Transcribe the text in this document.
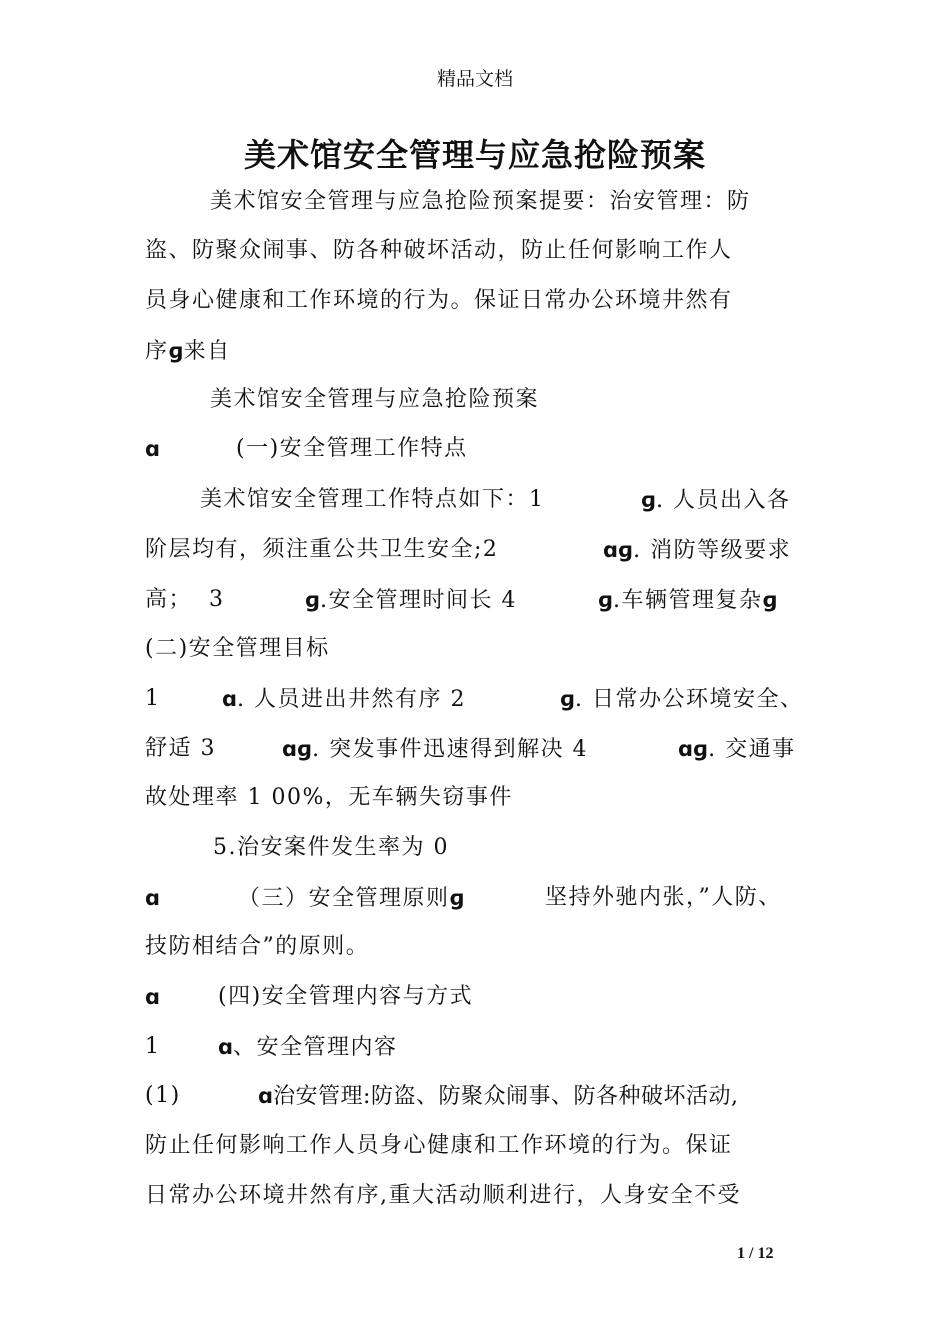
精品文档
美术馆安全管理与应急抢险预案
美术馆安全管理与应急抢险预案提要：治安管理：防
盗、防聚众闹事、防各种破坏活动，防止任何影响工作人
员身心健康和工作环境的行为。保证日常办公环境井然有
序ɡ来自
美术馆安全管理与应急抢险预案
ɑ	(一)安全管理工作特点
美术馆安全管理工作特点如下：1	ɡ. 人员出入各
阶层均有，须注重公共卫生安全;2	ɑɡ. 消防等级要求
高；  3	ɡ.安全管理时间长 4	ɡ.车辆管理复杂ɡ
(二)安全管理目标
1	ɑ. 人员进出井然有序 2	ɡ. 日常办公环境安全、
舒适 3	ɑɡ. 突发事件迅速得到解决 4	ɑɡ. 交通事
故处理率 1 00%，无车辆失窃事件
5.治安案件发生率为 0
ɑ	（三）安全管理原则ɡ	坚持外驰内张，”人防、
技防相结合”的原则。
ɑ	(四)安全管理内容与方式
1	ɑ、安全管理内容
(1)	ɑ治安管理:防盗、防聚众闹事、防各种破坏活动,
防止任何影响工作人员身心健康和工作环境的行为。保证
日常办公环境井然有序,重大活动顺利进行，人身安全不受
1 / 12
